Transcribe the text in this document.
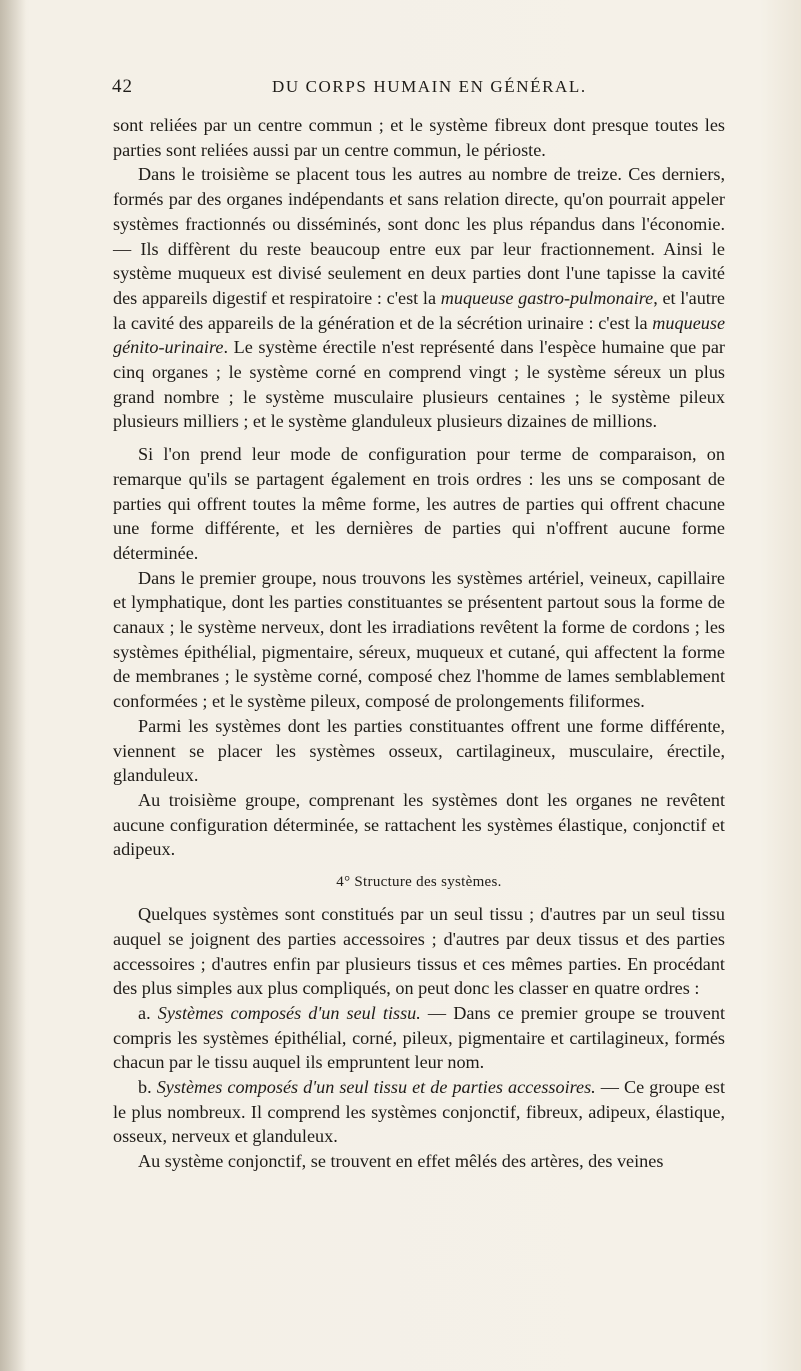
42	DU CORPS HUMAIN EN GÉNÉRAL.

sont reliées par un centre commun ; et le système fibreux dont presque toutes les parties sont reliées aussi par un centre commun, le périoste.

Dans le troisième se placent tous les autres au nombre de treize. Ces derniers, formés par des organes indépendants et sans relation directe, qu'on pourrait appeler systèmes fractionnés ou disséminés, sont donc les plus répandus dans l'économie. — Ils diffèrent du reste beaucoup entre eux par leur fractionnement. Ainsi le système muqueux est divisé seulement en deux parties dont l'une tapisse la cavité des appareils digestif et respiratoire : c'est la muqueuse gastro-pulmonaire, et l'autre la cavité des appareils de la génération et de la sécrétion urinaire : c'est la muqueuse génito-urinaire. Le système érectile n'est représenté dans l'espèce humaine que par cinq organes ; le système corné en comprend vingt ; le système séreux un plus grand nombre ; le système musculaire plusieurs centaines ; le système pileux plusieurs milliers ; et le système glanduleux plusieurs dizaines de millions.

Si l'on prend leur mode de configuration pour terme de comparaison, on remarque qu'ils se partagent également en trois ordres : les uns se composant de parties qui offrent toutes la même forme, les autres de parties qui offrent chacune une forme différente, et les dernières de parties qui n'offrent aucune forme déterminée.

Dans le premier groupe, nous trouvons les systèmes artériel, veineux, capillaire et lymphatique, dont les parties constituantes se présentent partout sous la forme de canaux ; le système nerveux, dont les irradiations revêtent la forme de cordons ; les systèmes épithélial, pigmentaire, séreux, muqueux et cutané, qui affectent la forme de membranes ; le système corné, composé chez l'homme de lames semblablement conformées ; et le système pileux, composé de prolongements filiformes.

Parmi les systèmes dont les parties constituantes offrent une forme différente, viennent se placer les systèmes osseux, cartilagineux, musculaire, érectile, glanduleux.

Au troisième groupe, comprenant les systèmes dont les organes ne revêtent aucune configuration déterminée, se rattachent les systèmes élastique, conjonctif et adipeux.

4° Structure des systèmes.

Quelques systèmes sont constitués par un seul tissu ; d'autres par un seul tissu auquel se joignent des parties accessoires ; d'autres par deux tissus et des parties accessoires ; d'autres enfin par plusieurs tissus et ces mêmes parties. En procédant des plus simples aux plus compliqués, on peut donc les classer en quatre ordres :

a. Systèmes composés d'un seul tissu. — Dans ce premier groupe se trouvent compris les systèmes épithélial, corné, pileux, pigmentaire et cartilagineux, formés chacun par le tissu auquel ils empruntent leur nom.

b. Systèmes composés d'un seul tissu et de parties accessoires. — Ce groupe est le plus nombreux. Il comprend les systèmes conjonctif, fibreux, adipeux, élastique, osseux, nerveux et glanduleux.

Au système conjonctif, se trouvent en effet mêlés des artères, des veines
